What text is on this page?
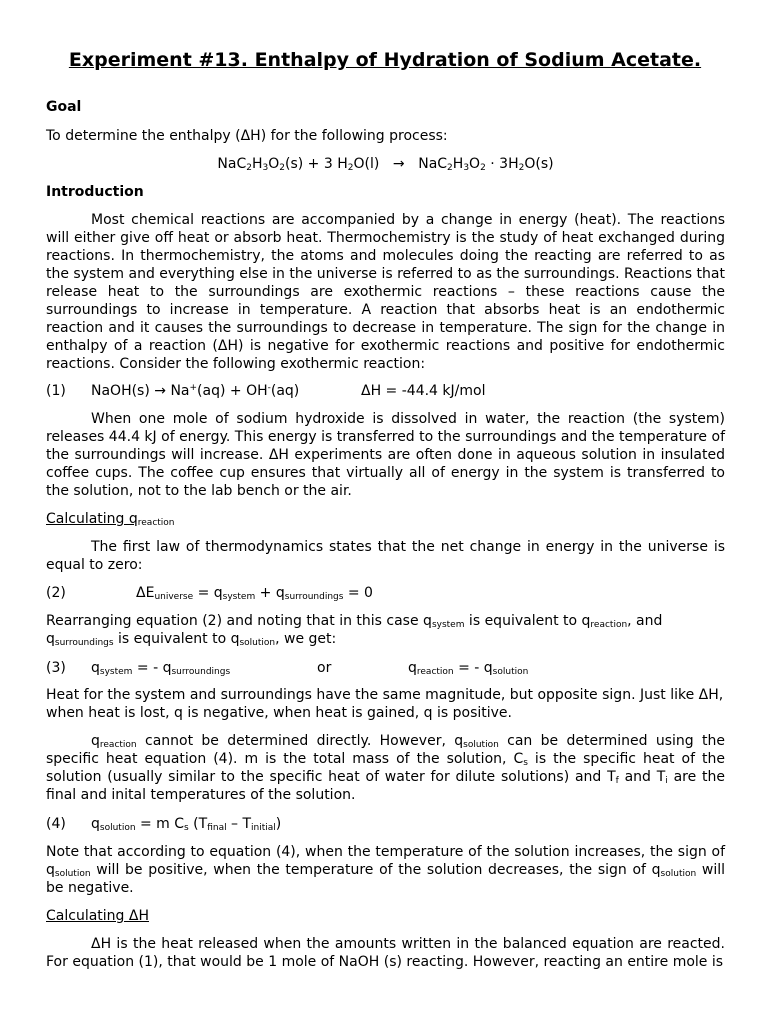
Experiment #13. Enthalpy of Hydration of Sodium Acetate.
Goal
To determine the enthalpy (ΔH) for the following process:
$NaC_2H_3O_2(s) + 3$ $H_2O(l) \to NaC_2H_3O_2 \cdot 3H_2O(s)$
Introduction

Most chemical reactions are accompanied by a change in energy (heat). The reactions will either give off heat or absorb heat. Thermochemistry is the study of heat exchanged during reactions. In thermochemistry, the atoms and molecules doing the reacting are referred to as the system and everything else in the universe is referred to as the surroundings. Reactions that release heat to the surroundings are exothermic reactions – these reactions cause the surroundings to increase in temperature. A reaction that absorbs heat is an endothermic reaction and it causes the surroundings to decrease in temperature. The sign for the change in enthalpy of a reaction (ΔH) is negative for exothermic reactions and positive for endothermic reactions. Consider the following exothermic reaction:

(1) NaOH(s) → Na+(aq) + OH-(aq)	ΔH = -44.4 kJ/mol

When one mole of sodium hydroxide is dissolved in water, the reaction (the system) releases 44.4 kJ of energy. This energy is transferred to the surroundings and the temperature of the surroundings will increase. ΔH experiments are often done in aqueous solution in insulated coffee cups. The coffee cup ensures that virtually all of energy in the system is transferred to the solution, not to the lab bench or the air.

Calculating $q_{reaction}$

The first law of thermodynamics states that the net change in energy in the universe is equal to zero:

(2)	$\Delta E_{universe} = q_{system} + q_{surroundings} = 0$

Rearranging equation (2) and noting that in this case $q_{system}$ is equivalent to $q_{reaction}$, and $q_{surroundings}$ is equivalent to $q_{solution}$, we get:

(3) $q_{system}$ = - $q_{surroundings}$	or	$q_{reaction}$ = - $q_{solution}$

Heat for the system and surroundings have the same magnitude, but opposite sign. Just like ΔH, when heat is lost, q is negative, when heat is gained, q is positive.

$q_{reaction}$ cannot be determined directly. However, $q_{solution}$ can be determined using the specific heat equation (4). m is the total mass of the solution, $C_s$ is the specific heat of the solution (usually similar to the specific heat of water for dilute solutions) and $T_f$ and $T_i$ are the final and inital temperatures of the solution.

(4) $q_{solution} = m$ $C_s$ $(T_{final} - T_{initial})$

Note that according to equation (4), when the temperature of the solution increases, the sign of $q_{solution}$ will be positive, when the temperature of the solution decreases, the sign of $q_{solution}$ will be negative.

Calculating ΔH

ΔH is the heat released when the amounts written in the balanced equation are reacted. For equation (1), that would be 1 mole of NaOH (s) reacting. However, reacting an entire mole is
